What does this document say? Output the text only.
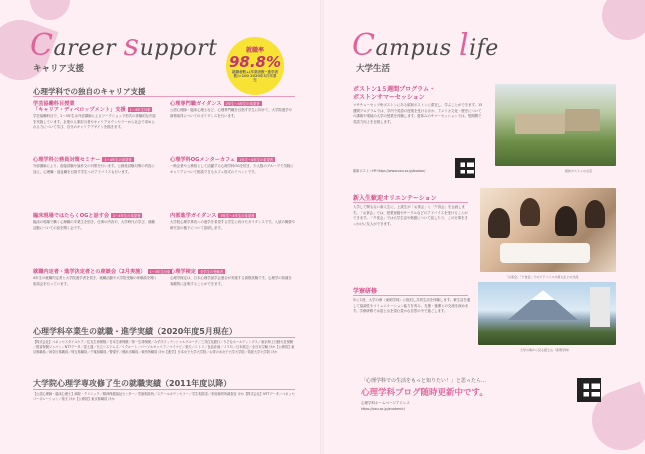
Career support
キャリア支援
就職率
98.8%
就職者数÷(卒業者数−進学者数)×100 2020年3月卒業生
心理学科での独自のキャリア支援
学芸協働科目授業
「キャリア・ディベロップメント」支援 1〜4年生対象
学芸協働科目で、1〜3年生は外部講師によるワークショップ形式の体験的な内容を実施しています。企業の人事担当者やキャリアカウンセラーから社会で求められる力について学び、自分のキャリアデザインを描きます。
心理学科公務員対策セミナー 1〜4年生の希望者
外部講師により、面接試験や論作文の対策を行います。公務員試験対策の内容に加え、心理職・福祉職を目指す学生へのアドバイスも行います。
臨床現場ではたらくOGと話す会 2〜4年生の希望者
臨床の現場で働く心理職の卒業生を招き、仕事の内容や、大学時代の学び、就職活動についての話を聞く会です。
就職内定者・進学決定者との座談会（2月実施） 1〜3年生対象
4年生の就職内定者と大学院進学者を招き、就職活動や大学院受験の体験談を聞く座談会を行っています。
心理専門職ガイダンス 2年生〜4年生の希望者
公認心理師・臨床心理士など、心理専門職を目指す学生に向けて、大学院進学や資格取得についてのガイダンスを行います。
心理学科OGメンターカフェ 1年生〜4年生の希望者
一般企業や公務員として活躍する心理学科OGを招き、少人数のグループで気軽にキャリアについて相談できるカフェ形式のイベントです。
内部進学ガイダンス 3年生〜4年生の希望者
大学院心理学専攻への進学を希望する学生に向けたガイダンスです。入試の概要や研究室の様子について説明します。
心理学検定 全学生の受験者
心理学検定は、日本心理学諸学会連合が実施する資格試験です。心理学の知識を客観的に証明することができます。
心理学科卒業生の就職・進学実績（2020年度5月現在）
【株式会社】ベネッセスタイルケア／住友生命保険／日本生命保険／第一生命保険／みずほフィナンシャルグループ／三井住友銀行／りそなホールディングス／東京海上日動火災保険／損害保険ジャパン／NTTデータ／富士通／日立システムズ／リクルート／パーソルキャリア／マイナビ／楽天／ニトリ／良品計画／ＪＴＢ／日本航空／全日本空輸 ほか【公務員】東京都職員／神奈川県職員／埼玉県職員／千葉県職員／警視庁／横浜市職員／裁判所職員 ほか【進学】日本女子大学大学院／お茶の水女子大学大学院／筑波大学大学院 ほか
大学院心理学専攻修了生の就職実績（2011年度以降）
【公認心理師・臨床心理士】病院・クリニック／精神保健福祉センター／児童相談所／スクールカウンセラー／学生相談室／家庭裁判所調査官 ほか【株式会社】NTTデータ／ベネッセコーポレーション／楽天 ほか【公務員】東京都職員 ほか
Campus life
大学生活
ボストン1５週間プログラム・
ボストンサマーセッション
マサチューセッツ州ボストンにある昭和ボストンに滞在し、学ぶことができます。15週間プログラムでは、学内で英語の授業を受けるほか、アメリカ文化・歴史についての講義や現地の大学の授業を体験します。夏休みのサマーセッションでは、短期間で英語力向上を目指します。
昭和ボストンHP https://www.swu.ac.jp/boston/	昭和ボストンの全景
新入生歓迎オリエンテーション
入学して間もない新入生に、上級生が「お茶会」と「夕食会」を企画します。「お茶会」では、授業登録やサークルなどのアドバイスを受けることができます。「夕食会」では大学生活や勉強について話したり、この行事をきっかけに友人ができます。
「お茶会」「夕食会」でのアドバイスや新入生との交流
学寮研修
年に1回、大学の寮（東明学林）に宿泊し共同生活を体験します。寮生活を通して協調性やコミュニケーション能力を育み、先輩・後輩との交流を深めます。学寮研修では富士山を望む豊かな自然の中で過ごします。
大学の寮から見る富士山（東明学林）
「心理学科での生活をもっと知りたい！」と思ったら…
心理学科ブログ随時更新中です。
心理学科ホームページアドレス
https://swu.ac.jp/academic/
